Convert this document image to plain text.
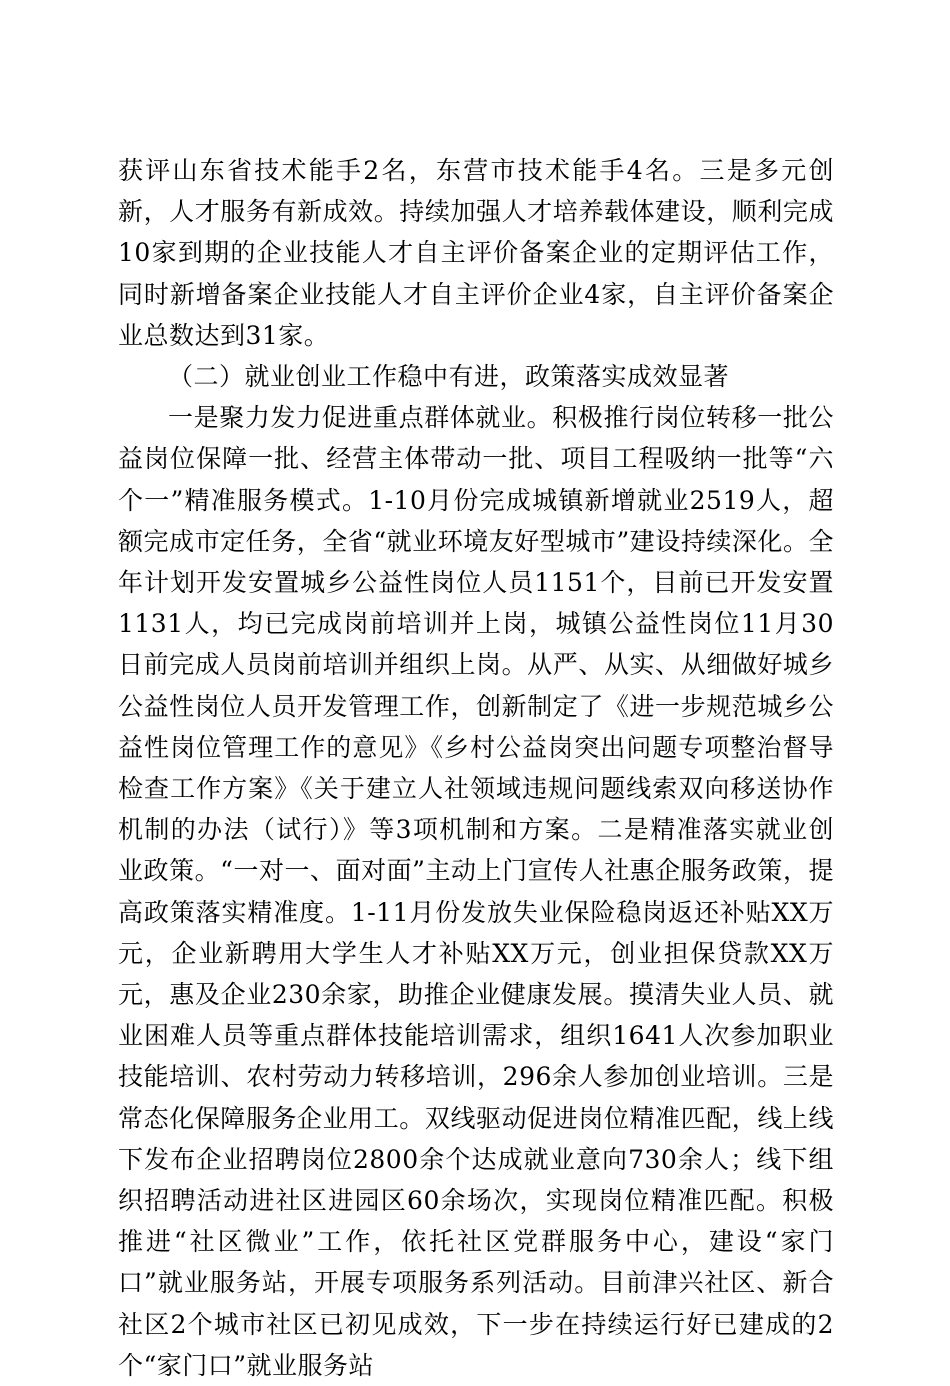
获评山东省技术能手2名，东营市技术能手4名。三是多元创新，人才服务有新成效。持续加强人才培养载体建设，顺利完成10家到期的企业技能人才自主评价备案企业的定期评估工作，同时新增备案企业技能人才自主评价企业4家，自主评价备案企业总数达到31家。

（二）就业创业工作稳中有进，政策落实成效显著

一是聚力发力促进重点群体就业。积极推行岗位转移一批公益岗位保障一批、经营主体带动一批、项目工程吸纳一批等“六个一”精准服务模式。1-10月份完成城镇新增就业2519人，超额完成市定任务，全省“就业环境友好型城市”建设持续深化。全年计划开发安置城乡公益性岗位人员1151个，目前已开发安置1131人，均已完成岗前培训并上岗，城镇公益性岗位11月30日前完成人员岗前培训并组织上岗。从严、从实、从细做好城乡公益性岗位人员开发管理工作，创新制定了《进一步规范城乡公益性岗位管理工作的意见》《乡村公益岗突出问题专项整治督导检查工作方案》《关于建立人社领域违规问题线索双向移送协作机制的办法（试行）》等3项机制和方案。二是精准落实就业创业政策。“一对一、面对面”主动上门宣传人社惠企服务政策，提高政策落实精准度。1-11月份发放失业保险稳岗返还补贴XX万元，企业新聘用大学生人才补贴XX万元，创业担保贷款XX万元，惠及企业230余家，助推企业健康发展。摸清失业人员、就业困难人员等重点群体技能培训需求，组织1641人次参加职业技能培训、农村劳动力转移培训，296余人参加创业培训。三是常态化保障服务企业用工。双线驱动促进岗位精准匹配，线上线下发布企业招聘岗位2800余个达成就业意向730余人；线下组织招聘活动进社区进园区60余场次，实现岗位精准匹配。积极推进“社区微业”工作，依托社区党群服务中心，建设“家门口”就业服务站，开展专项服务系列活动。目前津兴社区、新合社区2个城市社区已初见成效，下一步在持续运行好已建成的2个“家门口”就业服务站
